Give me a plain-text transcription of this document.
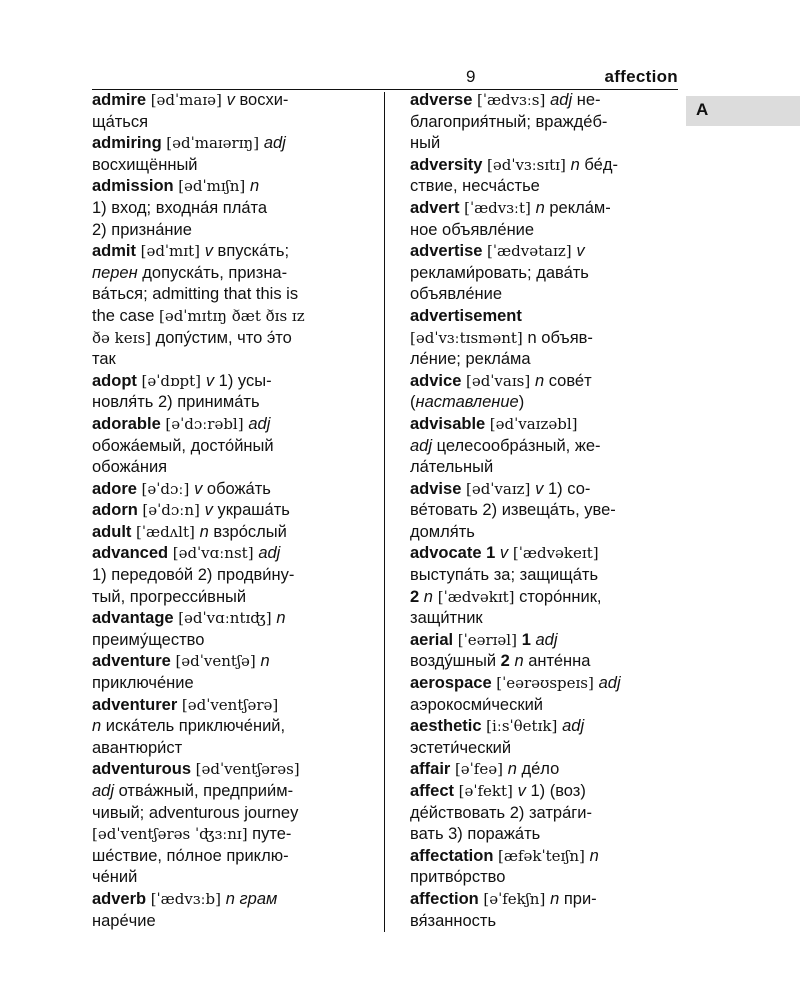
9	affection
admire [ədˈmaɪə] v восхи-
ща́ться
admiring [ədˈmaɪərɪŋ] adj
восхищённый
admission [ədˈmɪʃn] n
1) вход; входна́я пла́та
2) призна́ние
admit [ədˈmɪt] v впуска́ть;
перен допуска́ть, призна-
ва́ться; admitting that this is
the case [ədˈmɪtɪŋ ðæt ðɪs ɪz
ðə keɪs] допу́стим, что э́то
так
adopt [əˈdɒpt] v 1) усы-
новля́ть 2) принима́ть
adorable [əˈdɔːrəbl] adj
обожа́емый, досто́йный
обожа́ния
adore [əˈdɔː] v обожа́ть
adorn [əˈdɔːn] v украша́ть
adult [ˈædʌlt] n взро́слый
advanced [ədˈvɑːnst] adj
1) передово́й 2) продви́ну-
тый, прогресси́вный
advantage [ədˈvɑːntɪʤ] n
преиму́щество
adventure [ədˈventʃə] n
приключе́ние
adventurer [ədˈventʃərə]
n иска́тель приключе́ний,
авантюри́ст
adventurous [ədˈventʃərəs]
adj отва́жный, предприи́м-
чивый; adventurous journey
[ədˈventʃərəs ˈʤɜːnɪ] путе-
ше́ствие, по́лное приклю-
че́ний
adverb [ˈædvɜːb] n грам
наре́чие
adverse [ˈædvɜːs] adj не-
благоприя́тный; вражде́б-
ный
adversity [ədˈvɜːsɪtɪ] n бе́д-
ствие, несча́стье
advert [ˈædvɜːt] n рекла́м-
ное объявле́ние
advertise [ˈædvətaɪz] v
реклами́ровать; дава́ть
объявле́ние
advertisement
[ədˈvɜːtɪsmənt] n объяв-
ле́ние; рекла́ма
advice [ədˈvaɪs] n сове́т
(наставление)
advisable [ədˈvaɪzəbl]
adj целесообра́зный, же-
ла́тельный
advise [ədˈvaɪz] v 1) со-
ве́товать 2) извеща́ть, уве-
домля́ть
advocate 1 v [ˈædvəkeɪt]
выступа́ть за; защища́ть
2 n [ˈædvəkɪt] сторо́нник,
защи́тник
aerial [ˈeərɪəl] 1 adj
возду́шный 2 n анте́нна
aerospace [ˈeərəʊspeɪs] adj
аэрокосми́ческий
aesthetic [iːsˈθetɪk] adj
эстети́ческий
affair [əˈfeə] n де́ло
affect [əˈfekt] v 1) (воз)
де́йствовать 2) затра́ги-
вать 3) поража́ть
affectation [æfəkˈteɪʃn] n
притво́рство
affection [əˈfekʃn] n при-
вя́занность
A
